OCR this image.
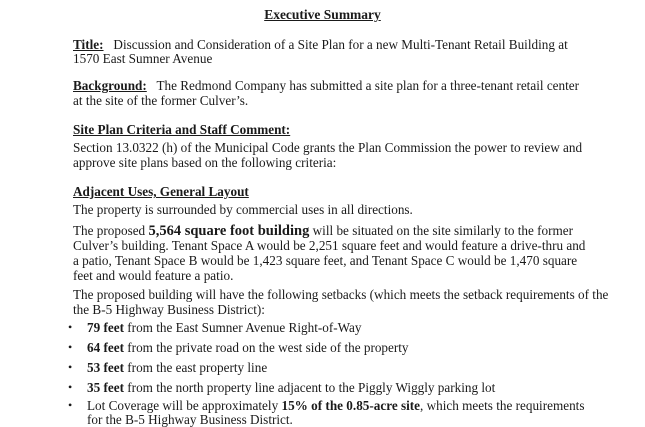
Executive Summary
Title: Discussion and Consideration of a Site Plan for a new Multi-Tenant Retail Building at
1570 East Sumner Avenue
Background: The Redmond Company has submitted a site plan for a three-tenant retail center
at the site of the former Culver’s.
Site Plan Criteria and Staff Comment:
Section 13.0322 (h) of the Municipal Code grants the Plan Commission the power to review and
approve site plans based on the following criteria:
Adjacent Uses, General Layout
The property is surrounded by commercial uses in all directions.
The proposed 5,564 square foot building will be situated on the site similarly to the former
Culver’s building. Tenant Space A would be 2,251 square feet and would feature a drive-thru and
a patio, Tenant Space B would be 1,423 square feet, and Tenant Space C would be 1,470 square
feet and would feature a patio.
The proposed building will have the following setbacks (which meets the setback requirements of the
the B-5 Highway Business District):
• 79 feet from the East Sumner Avenue Right-of-Way
• 64 feet from the private road on the west side of the property
• 53 feet from the east property line
• 35 feet from the north property line adjacent to the Piggly Wiggly parking lot
• Lot Coverage will be approximately 15% of the 0.85-acre site, which meets the requirements
for the B-5 Highway Business District.
